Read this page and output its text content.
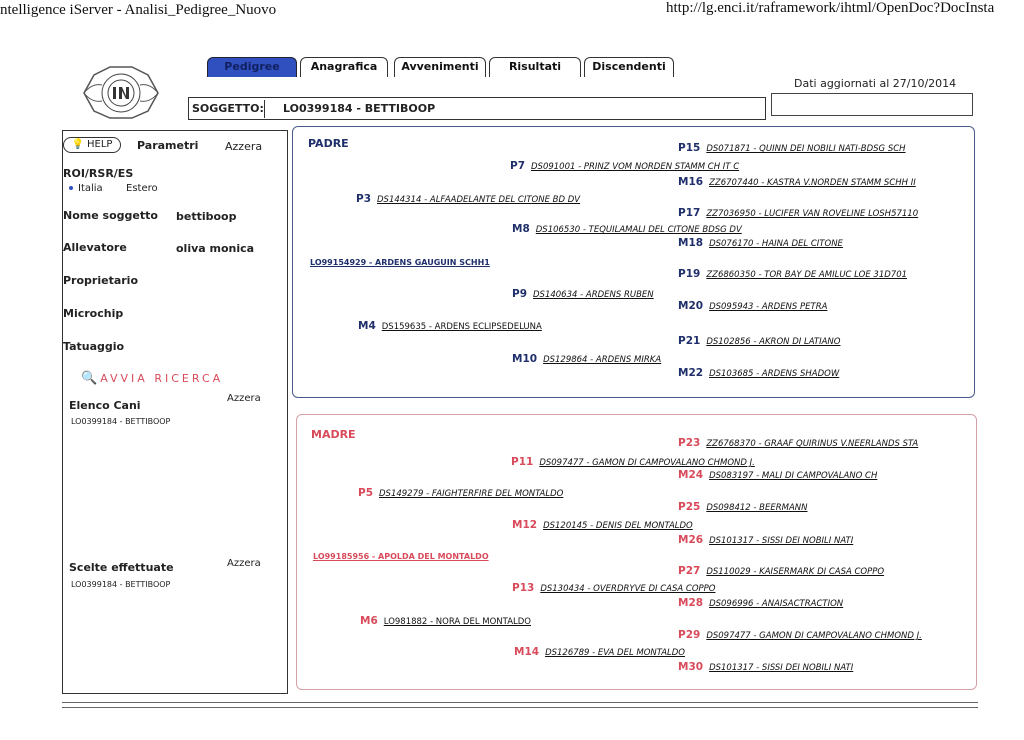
ntelligence iServer - Analisi_Pedigree_Nuovo	http://lg.enci.it/raframework/ihtml/OpenDoc?DocInsta
Pedigree	Anagrafica	Avvenimenti	Risultati	Discendenti
Dati aggiornati al 27/10/2014
SOGGETTO: LO0399184 - BETTIBOOP
💡 HELP	Parametri Azzera
ROI/RSR/ES
Italia Estero
Nome soggetto bettiboop
Allevatore	oliva monica
Proprietario
Microchip
Tatuaggio
🔍 AVVIA RICERCA
Elenco Cani
Azzera
LO0399184 - BETTIBOOP
Scelte effettuate	Azzera
LO0399184 - BETTIBOOP
PADRE
LO99154929 - ARDENS GAUGUIN SCHH1
P15 DS071871 - QUINN DEI NOBILI NATI-BDSG SCH
P7 DS091001 - PRINZ VOM NORDEN STAMM CH IT C
M16 ZZ6707440 - KASTRA V.NORDEN STAMM SCHH II
P3 DS144314 - ALFAADELANTE DEL CITONE BD DV
P17 ZZ7036950 - LUCIFER VAN ROVELINE LOSH57110
M8 DS106530 - TEQUILAMALI DEL CITONE BDSG DV
M18 DS076170 - HAINA DEL CITONE
P19 ZZ6860350 - TOR BAY DE AMILUC LOE 31D701
P9 DS140634 - ARDENS RUBEN
M20 DS095943 - ARDENS PETRA
M4 DS159635 - ARDENS ECLIPSEDELUNA
P21 DS102856 - AKRON DI LATIANO
M10 DS129864 - ARDENS MIRKA
M22 DS103685 - ARDENS SHADOW
MADRE
LO99185956 - APOLDA DEL MONTALDO
P23 ZZ6768370 - GRAAF QUIRINUS V.NEERLANDS STA
P11 DS097477 - GAMON DI CAMPOVALANO CHMOND J.
M24 DS083197 - MALI DI CAMPOVALANO CH
P5 DS149279 - FAIGHTERFIRE DEL MONTALDO
P25 DS098412 - BEERMANN
M12 DS120145 - DENIS DEL MONTALDO
M26 DS101317 - SISSI DEI NOBILI NATI
P27 DS110029 - KAISERMARK DI CASA COPPO
P13 DS130434 - OVERDRYVE DI CASA COPPO
M28 DS096996 - ANAISACTRACTION
M6 LO981882 - NORA DEL MONTALDO
P29 DS097477 - GAMON DI CAMPOVALANO CHMOND J.
M14 DS126789 - EVA DEL MONTALDO
M30 DS101317 - SISSI DEI NOBILI NATI
